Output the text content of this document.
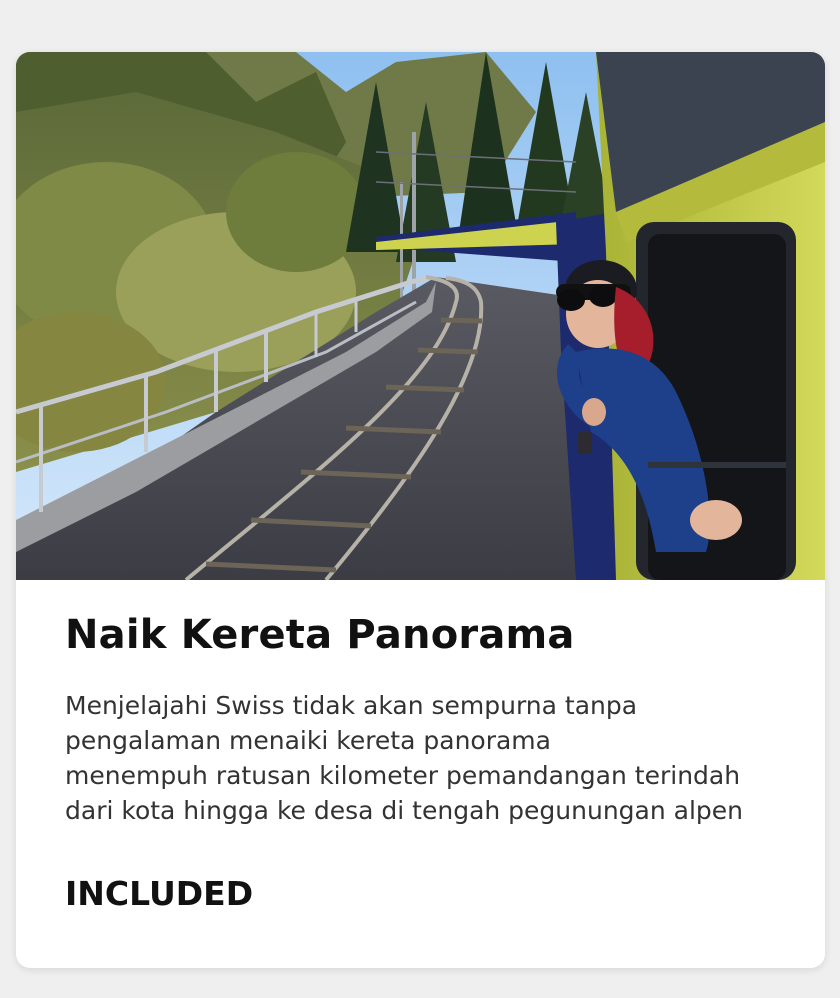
Naik Kereta Panorama

Menjelajahi Swiss tidak akan sempurna tanpa
pengalaman menaiki kereta panorama
menempuh ratusan kilometer pemandangan terindah
dari kota hingga ke desa di tengah pegunungan alpen

INCLUDED
